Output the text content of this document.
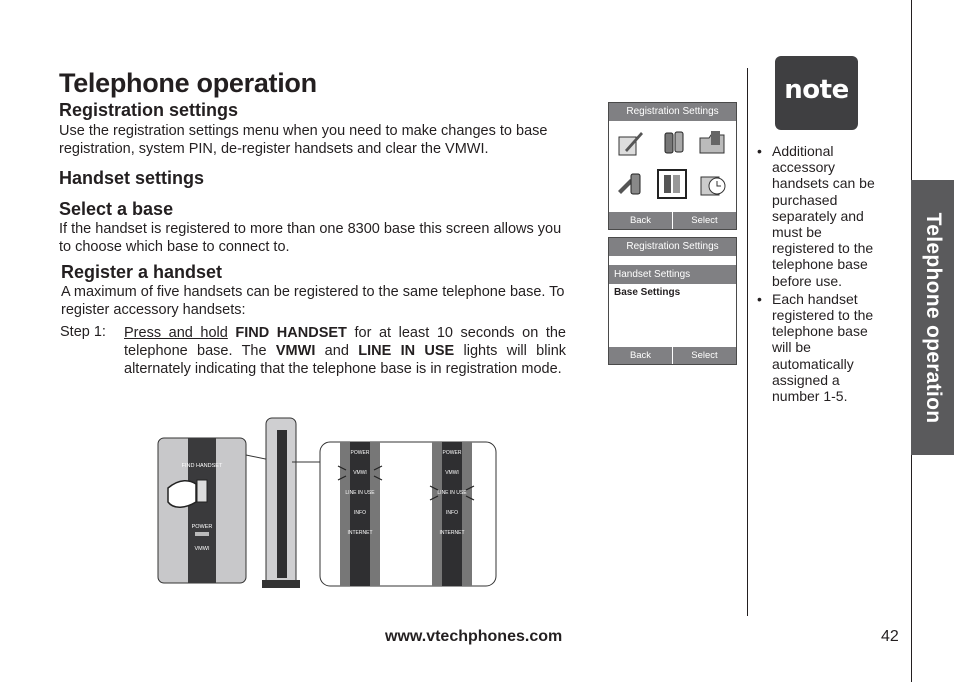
Telephone operation
Telephone operation
Registration settings
Use the registration settings menu when you need to make changes to base registration, system PIN, de-register handsets and clear the VMWI.
Handset settings
Select a base
If the handset is registered to more than one 8300 base this screen allows you to choose which base to connect to.
Register a handset
A maximum of five handsets can be registered to the same telephone base. To register accessory handsets:
Step 1: Press and hold FIND HANDSET for at least 10 seconds on the telephone base. The VMWI and LINE IN USE lights will blink alternately indicating that the telephone base is in registration mode.
Registration Settings
Back	Select
Registration Settings
Handset Settings
Base Settings
Back	Select
note
• Additional accessory handsets can be purchased separately and must be registered to the telephone base before use.
• Each handset registered to the telephone base will be automatically assigned a number 1-5.
FIND HANDSET
POWER
VMWI
POWER
VMWI
LINE IN USE
INFO
INTERNET
POWER
VMWI
LINE IN USE
INFO
INTERNET
www.vtechphones.com	42
